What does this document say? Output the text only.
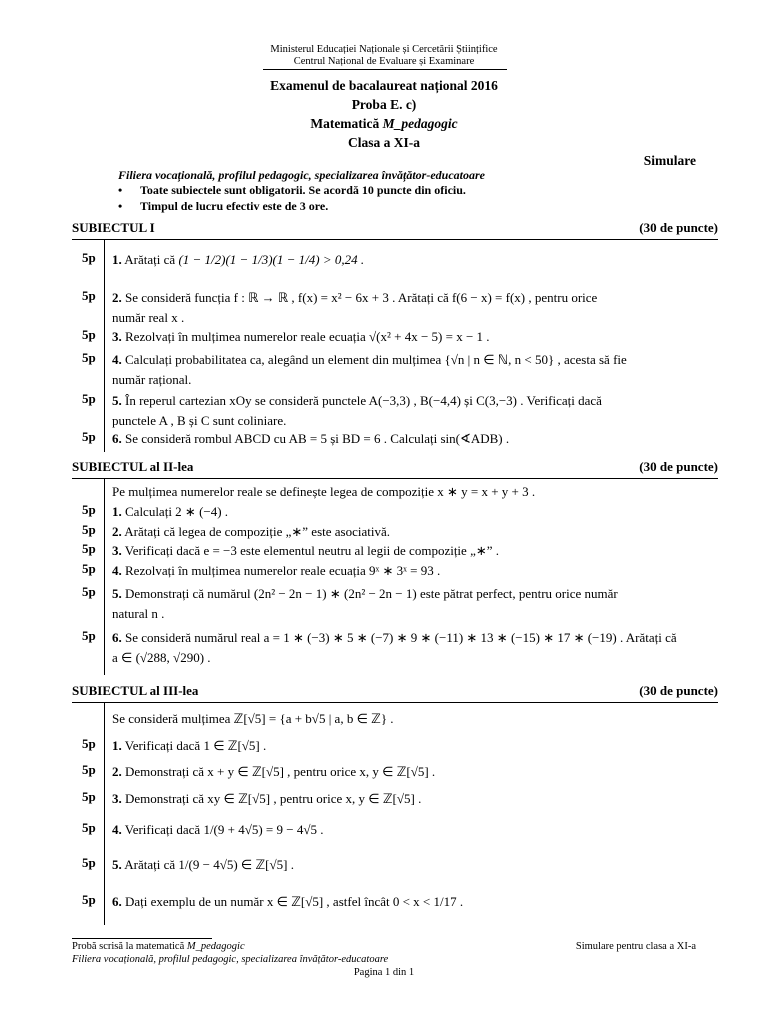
Ministerul Educației Naționale și Cercetării Științifice
Centrul Național de Evaluare și Examinare
Examenul de bacalaureat național 2016
Proba E. c)
Matematică M_pedagogic
Clasa a XI-a
Simulare
Filiera vocațională, profilul pedagogic, specializarea învățător-educatoare
•	Toate subiectele sunt obligatorii. Se acordă 10 puncte din oficiu.
•	Timpul de lucru efectiv este de 3 ore.
SUBIECTUL I	(30 de puncte)
5p 1. Arătați că (1 − 1/2)(1 − 1/3)(1 − 1/4) > 0,24 .
5p 2. Se consideră funcția f : ℝ → ℝ , f(x) = x² − 6x + 3 . Arătați că f(6 − x) = f(x) , pentru orice
număr real x .
5p 3. Rezolvați în mulțimea numerelor reale ecuația √(x² + 4x − 5) = x − 1 .
5p 4. Calculați probabilitatea ca, alegând un element din mulțimea {√n | n ∈ ℕ, n < 50} , acesta să fie
număr rațional.
5p 5. În reperul cartezian xOy se consideră punctele A(−3,3) , B(−4,4) și C(3,−3) . Verificați dacă
punctele A , B și C sunt coliniare.
5p 6. Se consideră rombul ABCD cu AB = 5 și BD = 6 . Calculați sin(∢ADB) .
SUBIECTUL al II-lea	(30 de puncte)
Pe mulțimea numerelor reale se definește legea de compoziție x ∗ y = x + y + 3 .
5p 1. Calculați 2 ∗ (−4) .
5p 2. Arătați că legea de compoziție „∗” este asociativă.
5p 3. Verificați dacă e = −3 este elementul neutru al legii de compoziție „∗” .
5p 4. Rezolvați în mulțimea numerelor reale ecuația 9ˣ ∗ 3ˣ = 93 .
5p 5. Demonstrați că numărul (2n² − 2n − 1) ∗ (2n² − 2n − 1) este pătrat perfect, pentru orice număr
natural n .
5p 6. Se consideră numărul real a = 1 ∗ (−3) ∗ 5 ∗ (−7) ∗ 9 ∗ (−11) ∗ 13 ∗ (−15) ∗ 17 ∗ (−19) . Arătați că
a ∈ (√288, √290) .
SUBIECTUL al III-lea	(30 de puncte)
Se consideră mulțimea ℤ[√5] = {a + b√5 | a, b ∈ ℤ} .
5p 1. Verificați dacă 1 ∈ ℤ[√5] .
5p 2. Demonstrați că x + y ∈ ℤ[√5] , pentru orice x, y ∈ ℤ[√5] .
5p 3. Demonstrați că xy ∈ ℤ[√5] , pentru orice x, y ∈ ℤ[√5] .
5p 4. Verificați dacă 1/(9 + 4√5) = 9 − 4√5 .
5p 5. Arătați că 1/(9 − 4√5) ∈ ℤ[√5] .
5p 6. Dați exemplu de un număr x ∈ ℤ[√5] , astfel încât 0 < x < 1/17 .
Probă scrisă la matematică M_pedagogic
Filiera vocațională, profilul pedagogic, specializarea învățător-educatoare
Simulare pentru clasa a XI-a
Pagina 1 din 1
